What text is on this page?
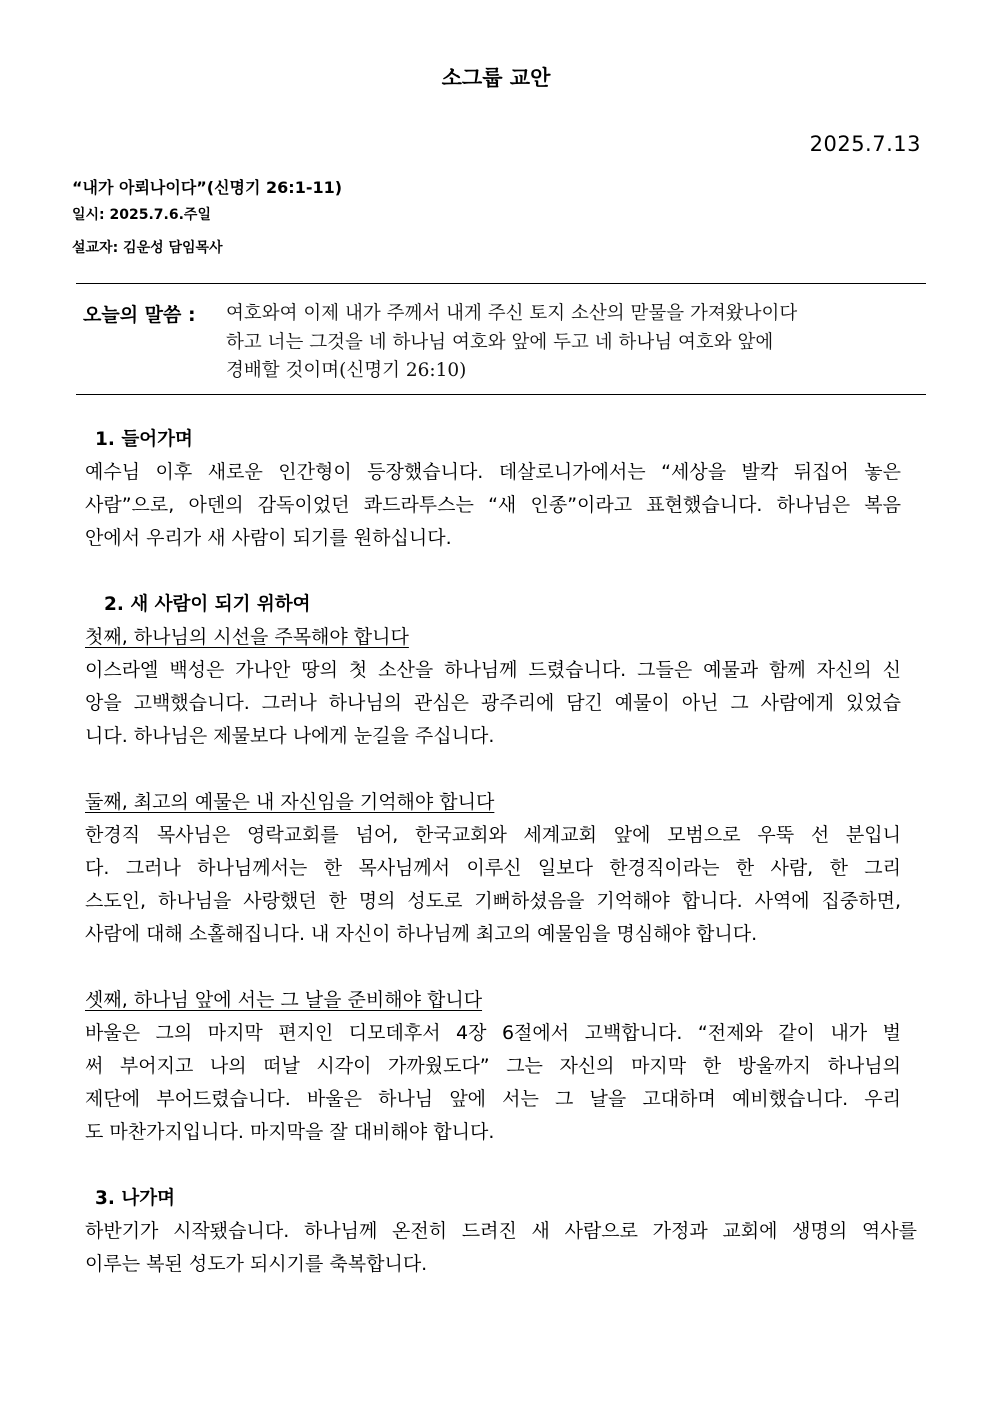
소그룹 교안
2025.7.13
“내가 아뢰나이다”(신명기 26:1-11)
일시: 2025.7.6.주일
설교자: 김운성 담임목사
오늘의 말씀 : 여호와여 이제 내가 주께서 내게 주신 토지 소산의 맏물을 가져왔나이다
하고 너는 그것을 네 하나님 여호와 앞에 두고 네 하나님 여호와 앞에
경배할 것이며(신명기 26:10)
1. 들어가며
예수님 이후 새로운 인간형이 등장했습니다. 데살로니가에서는 “세상을 발칵 뒤집어 놓은
사람”으로, 아덴의 감독이었던 콰드라투스는 “새 인종”이라고 표현했습니다. 하나님은 복음
안에서 우리가 새 사람이 되기를 원하십니다.
2. 새 사람이 되기 위하여
첫째, 하나님의 시선을 주목해야 합니다
이스라엘 백성은 가나안 땅의 첫 소산을 하나님께 드렸습니다. 그들은 예물과 함께 자신의 신
앙을 고백했습니다. 그러나 하나님의 관심은 광주리에 담긴 예물이 아닌 그 사람에게 있었습
니다. 하나님은 제물보다 나에게 눈길을 주십니다.
둘째, 최고의 예물은 내 자신임을 기억해야 합니다
한경직 목사님은 영락교회를 넘어, 한국교회와 세계교회 앞에 모범으로 우뚝 선 분입니
다. 그러나 하나님께서는 한 목사님께서 이루신 일보다 한경직이라는 한 사람, 한 그리
스도인, 하나님을 사랑했던 한 명의 성도로 기뻐하셨음을 기억해야 합니다. 사역에 집중하면,
사람에 대해 소홀해집니다. 내 자신이 하나님께 최고의 예물임을 명심해야 합니다.
셋째, 하나님 앞에 서는 그 날을 준비해야 합니다
바울은 그의 마지막 편지인 디모데후서 4장 6절에서 고백합니다. “전제와 같이 내가 벌
써 부어지고 나의 떠날 시각이 가까웠도다” 그는 자신의 마지막 한 방울까지 하나님의
제단에 부어드렸습니다. 바울은 하나님 앞에 서는 그 날을 고대하며 예비했습니다. 우리
도 마찬가지입니다. 마지막을 잘 대비해야 합니다.
3. 나가며
하반기가 시작됐습니다. 하나님께 온전히 드려진 새 사람으로 가정과 교회에 생명의 역사를
이루는 복된 성도가 되시기를 축복합니다.
